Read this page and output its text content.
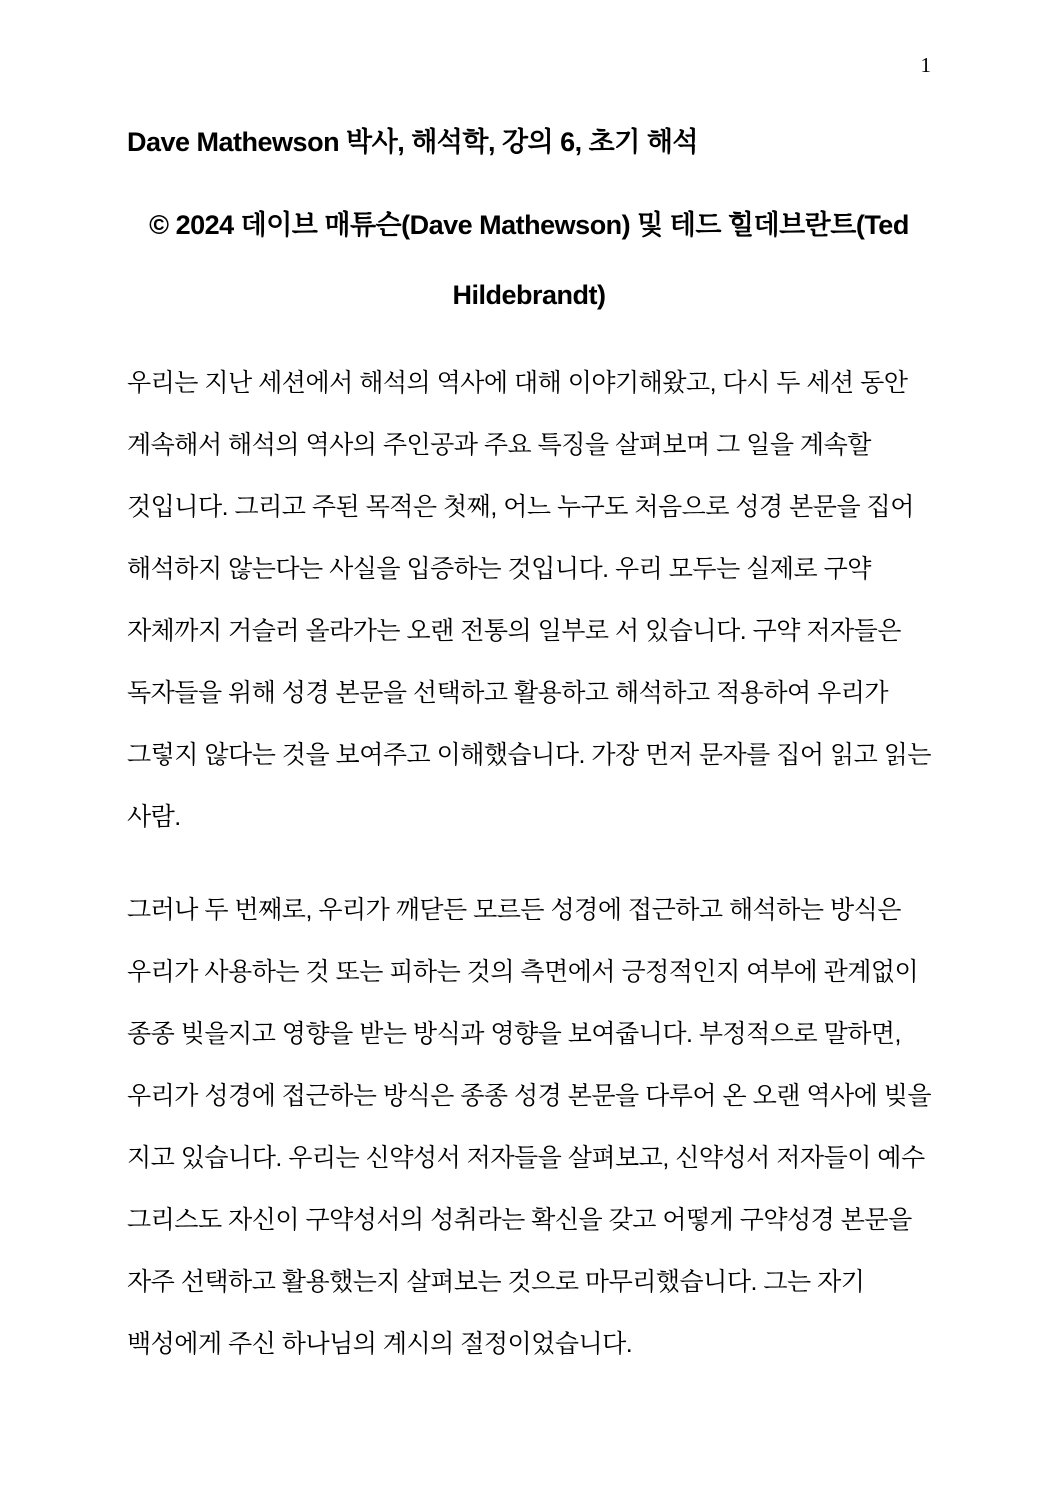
1
Dave Mathewson 박사, 해석학, 강의 6, 초기 해석
© 2024 데이브 매튜슨(Dave Mathewson) 및 테드 힐데브란트(Ted
Hildebrandt)
우리는 지난 세션에서 해석의 역사에 대해 이야기해왔고, 다시 두 세션 동안
계속해서 해석의 역사의 주인공과 주요 특징을 살펴보며 그 일을 계속할
것입니다. 그리고 주된 목적은 첫째, 어느 누구도 처음으로 성경 본문을 집어
해석하지 않는다는 사실을 입증하는 것입니다. 우리 모두는 실제로 구약
자체까지 거슬러 올라가는 오랜 전통의 일부로 서 있습니다. 구약 저자들은
독자들을 위해 성경 본문을 선택하고 활용하고 해석하고 적용하여 우리가
그렇지 않다는 것을 보여주고 이해했습니다. 가장 먼저 문자를 집어 읽고 읽는
사람.
그러나 두 번째로, 우리가 깨닫든 모르든 성경에 접근하고 해석하는 방식은
우리가 사용하는 것 또는 피하는 것의 측면에서 긍정적인지 여부에 관계없이
종종 빚을지고 영향을 받는 방식과 영향을 보여줍니다. 부정적으로 말하면,
우리가 성경에 접근하는 방식은 종종 성경 본문을 다루어 온 오랜 역사에 빚을
지고 있습니다. 우리는 신약성서 저자들을 살펴보고, 신약성서 저자들이 예수
그리스도 자신이 구약성서의 성취라는 확신을 갖고 어떻게 구약성경 본문을
자주 선택하고 활용했는지 살펴보는 것으로 마무리했습니다. 그는 자기
백성에게 주신 하나님의 계시의 절정이었습니다.
